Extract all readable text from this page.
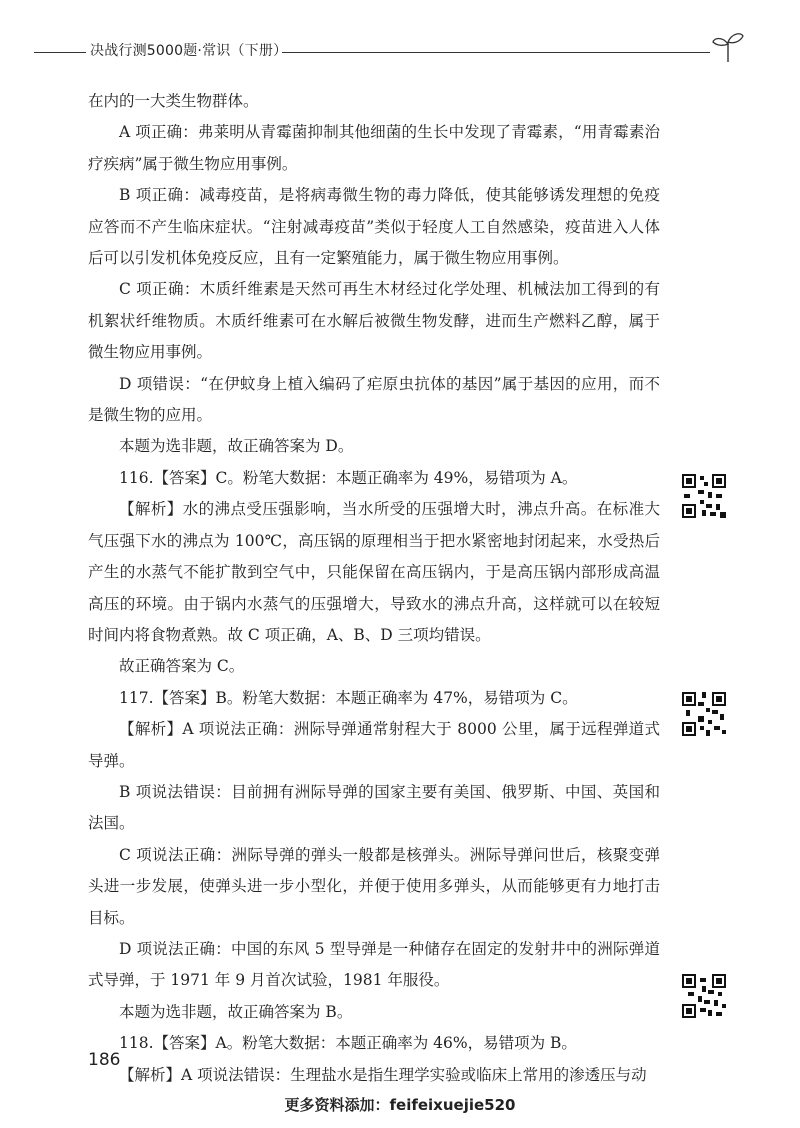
决战行测5000题·常识（下册）

在内的一大类生物群体。

A 项正确：弗莱明从青霉菌抑制其他细菌的生长中发现了青霉素，“用青霉素治疗疾病”属于微生物应用事例。

B 项正确：减毒疫苗，是将病毒微生物的毒力降低，使其能够诱发理想的免疫应答而不产生临床症状。“注射减毒疫苗”类似于轻度人工自然感染，疫苗进入人体后可以引发机体免疫反应，且有一定繁殖能力，属于微生物应用事例。

C 项正确：木质纤维素是天然可再生木材经过化学处理、机械法加工得到的有机絮状纤维物质。木质纤维素可在水解后被微生物发酵，进而生产燃料乙醇，属于微生物应用事例。

D 项错误：“在伊蚊身上植入编码了疟原虫抗体的基因”属于基因的应用，而不是微生物的应用。

本题为选非题，故正确答案为 D。

116.【答案】C。粉笔大数据：本题正确率为 49%，易错项为 A。

【解析】水的沸点受压强影响，当水所受的压强增大时，沸点升高。在标准大气压强下水的沸点为 100℃，高压锅的原理相当于把水紧密地封闭起来，水受热后产生的水蒸气不能扩散到空气中，只能保留在高压锅内，于是高压锅内部形成高温高压的环境。由于锅内水蒸气的压强增大，导致水的沸点升高，这样就可以在较短时间内将食物煮熟。故 C 项正确，A、B、D 三项均错误。

故正确答案为 C。

117.【答案】B。粉笔大数据：本题正确率为 47%，易错项为 C。

【解析】A 项说法正确：洲际导弹通常射程大于 8000 公里，属于远程弹道式导弹。

B 项说法错误：目前拥有洲际导弹的国家主要有美国、俄罗斯、中国、英国和法国。

C 项说法正确：洲际导弹的弹头一般都是核弹头。洲际导弹问世后，核聚变弹头进一步发展，使弹头进一步小型化，并便于使用多弹头，从而能够更有力地打击目标。

D 项说法正确：中国的东风 5 型导弹是一种储存在固定的发射井中的洲际弹道式导弹，于 1971 年 9 月首次试验，1981 年服役。

本题为选非题，故正确答案为 B。

118.【答案】A。粉笔大数据：本题正确率为 46%，易错项为 B。

【解析】A 项说法错误：生理盐水是指生理学实验或临床上常用的渗透压与动

186
更多资料添加：feifeixuejie520
